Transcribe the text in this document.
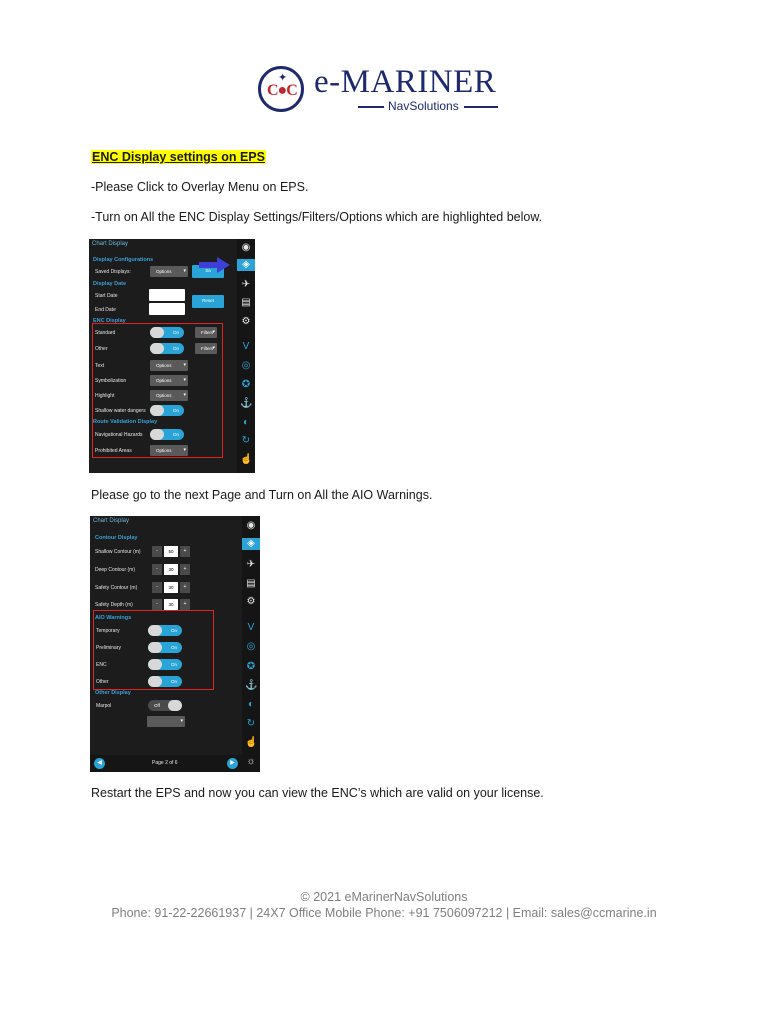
✦
C●C e-MARINER
NavSolutions
ENC Display settings on EPS
-Please Click to Overlay Menu on EPS.
-Turn on All the ENC Display Settings/Filters/Options which are highlighted below.
Chart Display
Display Configurations
Saved Displays:	Options ▾	Sa
Display Date
Start Date
End Date
Reset
ENC Display
Standard	On	Filters ▾
Other	On	Filters ▾
Text	Options ▾
Symbolization	Options ▾
Highlight	Options ▾
Shallow water dangers	On
Route Validation Display
Navigational Hazards	On
Prohibited Areas	Options ▾
◉
◈
✈
▤
⚙
V
◎
✪
⚓
◐
↻
☝
Please go to the next Page and Turn on All the AIO Warnings.
Chart Display
Contour Display
Shallow Contour (m)	-	50	+
Deep Contour (m)	-	30	+
Safety Contour (m)	-	30	+
Safety Depth (m)	-	30	+
AIO Warnings
Temporary	On
Preliminary	On
ENC	On
Other	On
Other Display
Marpol	Off
▾
◀	Page 2 of 6	▶
◉
◈
✈
▤
⚙
V
◎
✪
⚓
◐
↻
☝
☼
Restart the EPS and now you can view the ENC’s which are valid on your license.
© 2021 eMarinerNavSolutions
Phone: 91-22-22661937 | 24X7 Office Mobile Phone: +91 7506097212 | Email: sales@ccmarine.in
